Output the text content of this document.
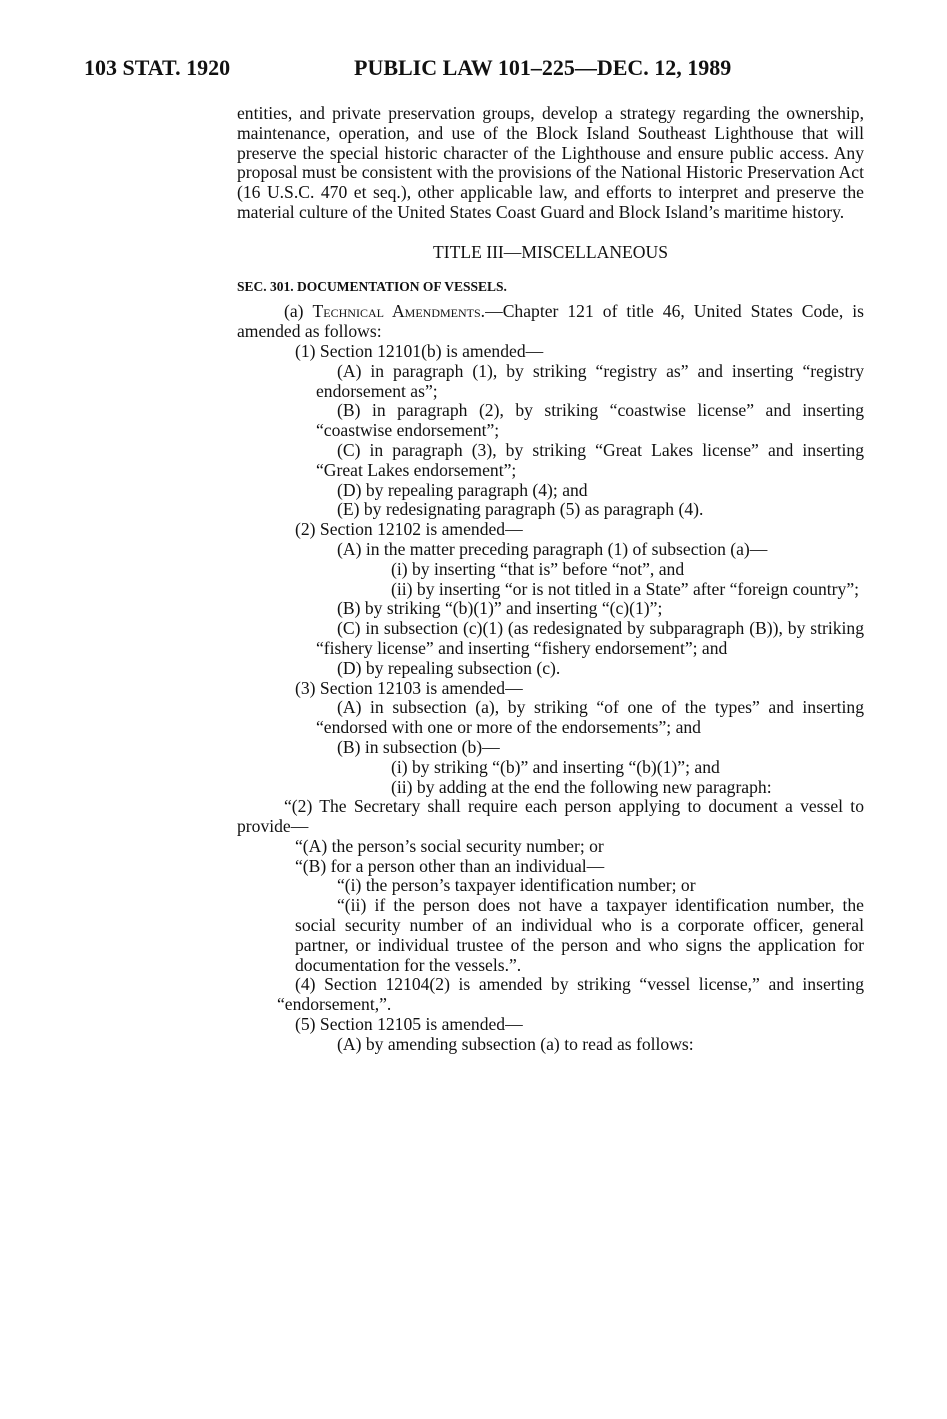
103 STAT. 1920	PUBLIC LAW 101–225—DEC. 12, 1989

entities, and private preservation groups, develop a strategy regarding the ownership, maintenance, operation, and use of the Block Island Southeast Lighthouse that will preserve the special historic character of the Lighthouse and ensure public access. Any proposal must be consistent with the provisions of the National Historic Preservation Act (16 U.S.C. 470 et seq.), other applicable law, and efforts to interpret and preserve the material culture of the United States Coast Guard and Block Island’s maritime history.

TITLE III—MISCELLANEOUS

SEC. 301. DOCUMENTATION OF VESSELS.

(a) Technical Amendments.—Chapter 121 of title 46, United States Code, is amended as follows:

(1) Section 12101(b) is amended—

(A) in paragraph (1), by striking “registry as” and inserting “registry endorsement as”;

(B) in paragraph (2), by striking “coastwise license” and inserting “coastwise endorsement”;

(C) in paragraph (3), by striking “Great Lakes license” and inserting “Great Lakes endorsement”;

(D) by repealing paragraph (4); and

(E) by redesignating paragraph (5) as paragraph (4).

(2) Section 12102 is amended—

(A) in the matter preceding paragraph (1) of subsection (a)—

(i) by inserting “that is” before “not”, and

(ii) by inserting “or is not titled in a State” after “foreign country”;

(B) by striking “(b)(1)” and inserting “(c)(1)”;

(C) in subsection (c)(1) (as redesignated by subparagraph (B)), by striking “fishery license” and inserting “fishery endorsement”; and

(D) by repealing subsection (c).

(3) Section 12103 is amended—

(A) in subsection (a), by striking “of one of the types” and inserting “endorsed with one or more of the endorsements”; and

(B) in subsection (b)—

(i) by striking “(b)” and inserting “(b)(1)”; and

(ii) by adding at the end the following new paragraph:

“(2) The Secretary shall require each person applying to document a vessel to provide—

“(A) the person’s social security number; or

“(B) for a person other than an individual—

“(i) the person’s taxpayer identification number; or

“(ii) if the person does not have a taxpayer identification number, the social security number of an individual who is a corporate officer, general partner, or individual trustee of the person and who signs the application for documentation for the vessels.”.

(4) Section 12104(2) is amended by striking “vessel license,” and inserting “endorsement,”.

(5) Section 12105 is amended—

(A) by amending subsection (a) to read as follows:
